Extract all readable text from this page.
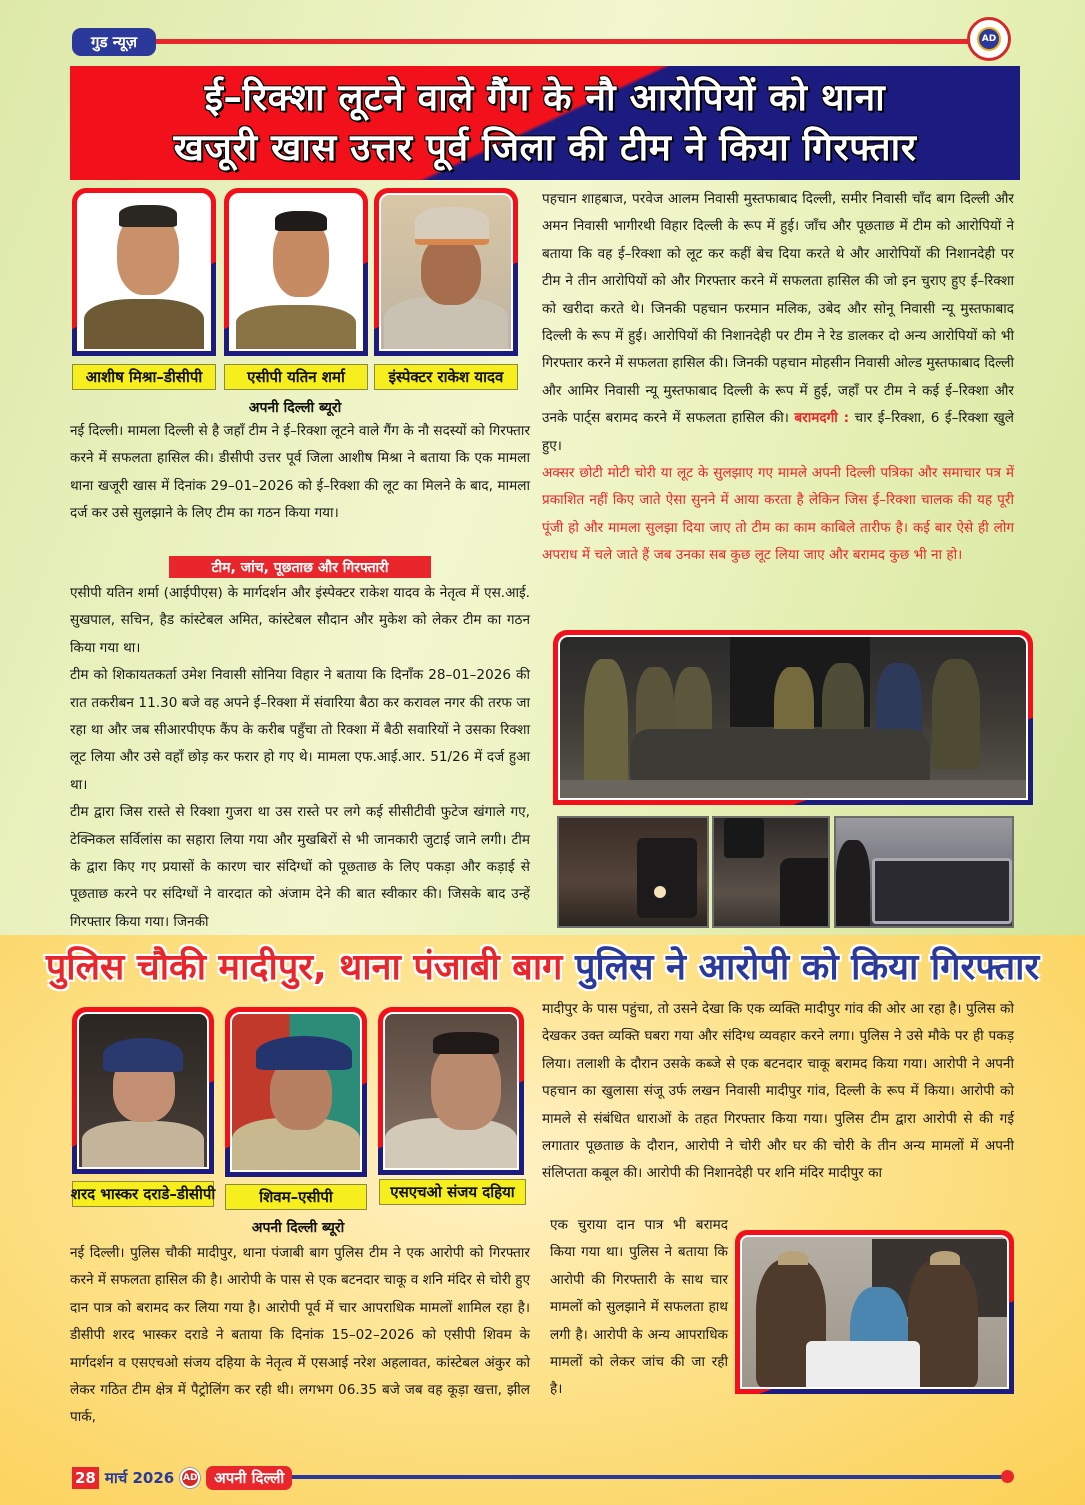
गुड न्यूज़	AD
ई–रिक्शा लूटने वाले गैंग के नौ आरोपियों को थाना
खजूरी खास उत्तर पूर्व जिला की टीम ने किया गिरफ्तार
आशीष मिश्रा–डीसीपी	एसीपी यतिन शर्मा	इंस्पेक्टर राकेश यादव
अपनी दिल्ली ब्यूरो

नई दिल्ली। मामला दिल्ली से है जहाँ टीम ने ई–रिक्शा लूटने वाले गैंग के नौ सदस्यों को गिरफ्तार करने में सफलता हासिल की। डीसीपी उत्तर पूर्व जिला आशीष मिश्रा ने बताया कि एक मामला थाना खजूरी खास में दिनांक 29–01–2026 को ई–रिक्शा की लूट का मिलने के बाद, मामला दर्ज कर उसे सुलझाने के लिए टीम का गठन किया गया।

टीम, जांच, पूछताछ और गिरफ्तारी

एसीपी यतिन शर्मा (आईपीएस) के मार्गदर्शन और इंस्पेक्टर राकेश यादव के नेतृत्व में एस.आई. सुखपाल, सचिन, हैड कांस्टेबल अमित, कांस्टेबल सौदान और मुकेश को लेकर टीम का गठन किया गया था।

टीम को शिकायतकर्ता उमेश निवासी सोनिया विहार ने बताया कि दिनाँक 28–01–2026 की रात तकरीबन 11.30 बजे वह अपने ई–रिक्शा में संवारिया बैठा कर करावल नगर की तरफ जा रहा था और जब सीआरपीएफ कैंप के करीब पहुँचा तो रिक्शा में बैठी सवारियों ने उसका रिक्शा लूट लिया और उसे वहाँ छोड़ कर फरार हो गए थे। मामला एफ.आई.आर. 51/26 में दर्ज हुआ था।

टीम द्वारा जिस रास्ते से रिक्शा गुजरा था उस रास्ते पर लगे कई सीसीटीवी फुटेज खंगाले गए, टेक्निकल सर्विलांस का सहारा लिया गया और मुखबिरों से भी जानकारी जुटाई जाने लगी। टीम के द्वारा किए गए प्रयासों के कारण चार संदिग्धों को पूछताछ के लिए पकड़ा और कड़ाई से पूछताछ करने पर संदिग्धों ने वारदात को अंजाम देने की बात स्वीकार की। जिसके बाद उन्हें गिरफ्तार किया गया। जिनकी

पहचान शाहबाज, परवेज आलम निवासी मुस्तफाबाद दिल्ली, समीर निवासी चाँद बाग दिल्ली और अमन निवासी भागीरथी विहार दिल्ली के रूप में हुई। जाँच और पूछताछ में टीम को आरोपियों ने बताया कि वह ई–रिक्शा को लूट कर कहीं बेच दिया करते थे और आरोपियों की निशानदेही पर टीम ने तीन आरोपियों को और गिरफ्तार करने में सफलता हासिल की जो इन चुराए हुए ई–रिक्शा को खरीदा करते थे। जिनकी पहचान फरमान मलिक, उबेद और सोनू निवासी न्यू मुस्तफाबाद दिल्ली के रूप में हुई। आरोपियों की निशानदेही पर टीम ने रेड डालकर दो अन्य आरोपियों को भी गिरफ्तार करने में सफलता हासिल की। जिनकी पहचान मोहसीन निवासी ओल्ड मुस्तफाबाद दिल्ली और आमिर निवासी न्यू मुस्तफाबाद दिल्ली के रूप में हुई, जहाँ पर टीम ने कई ई–रिक्शा और उनके पार्ट्स बरामद करने में सफलता हासिल की। बरामदगी : चार ई–रिक्शा, 6 ई–रिक्शा खुले हुए।

अक्सर छोटी मोटी चोरी या लूट के सुलझाए गए मामले अपनी दिल्ली पत्रिका और समाचार पत्र में प्रकाशित नहीं किए जाते ऐसा सुनने में आया करता है लेकिन जिस ई–रिक्शा चालक की यह पूरी पूंजी हो और मामला सुलझा दिया जाए तो टीम का काम काबिले तारीफ है। कई बार ऐसे ही लोग अपराध में चले जाते हैं जब उनका सब कुछ लूट लिया जाए और बरामद कुछ भी ना हो।

पुलिस चौकी मादीपुर, थाना पंजाबी बाग पुलिस ने आरोपी को किया गिरफ्तार
शरद भास्कर दराडे–डीसीपी	शिवम–एसीपी	एसएचओ संजय दहिया
अपनी दिल्ली ब्यूरो

नई दिल्ली। पुलिस चौकी मादीपुर, थाना पंजाबी बाग पुलिस टीम ने एक आरोपी को गिरफ्तार करने में सफलता हासिल की है। आरोपी के पास से एक बटनदार चाकू व शनि मंदिर से चोरी हुए दान पात्र को बरामद कर लिया गया है। आरोपी पूर्व में चार आपराधिक मामलों शामिल रहा है। डीसीपी शरद भास्कर दराडे ने बताया कि दिनांक 15–02–2026 को एसीपी शिवम के मार्गदर्शन व एसएचओ संजय दहिया के नेतृत्व में एसआई नरेश अहलावत, कांस्टेबल अंकुर को लेकर गठित टीम क्षेत्र में पैट्रोलिंग कर रही थी। लगभग 06.35 बजे जब वह कूड़ा खत्ता, झील पार्क,

मादीपुर के पास पहुंचा, तो उसने देखा कि एक व्यक्ति मादीपुर गांव की ओर आ रहा है। पुलिस को देखकर उक्त व्यक्ति घबरा गया और संदिग्ध व्यवहार करने लगा। पुलिस ने उसे मौके पर ही पकड़ लिया। तलाशी के दौरान उसके कब्जे से एक बटनदार चाकू बरामद किया गया। आरोपी ने अपनी पहचान का खुलासा संजू उर्फ लखन निवासी मादीपुर गांव, दिल्ली के रूप में किया। आरोपी को मामले से संबंधित धाराओं के तहत गिरफ्तार किया गया। पुलिस टीम द्वारा आरोपी से की गई लगातार पूछताछ के दौरान, आरोपी ने चोरी और घर की चोरी के तीन अन्य मामलों में अपनी संलिप्तता कबूल की। आरोपी की निशानदेही पर शनि मंदिर मादीपुर का

एक चुराया दान पात्र भी बरामद किया गया था। पुलिस ने बताया कि आरोपी की गिरफ्तारी के साथ चार मामलों को सुलझाने में सफलता हाथ लगी है। आरोपी के अन्य आपराधिक मामलों को लेकर जांच की जा रही है।

28 मार्च 2026 AD	अपनी दिल्ली
